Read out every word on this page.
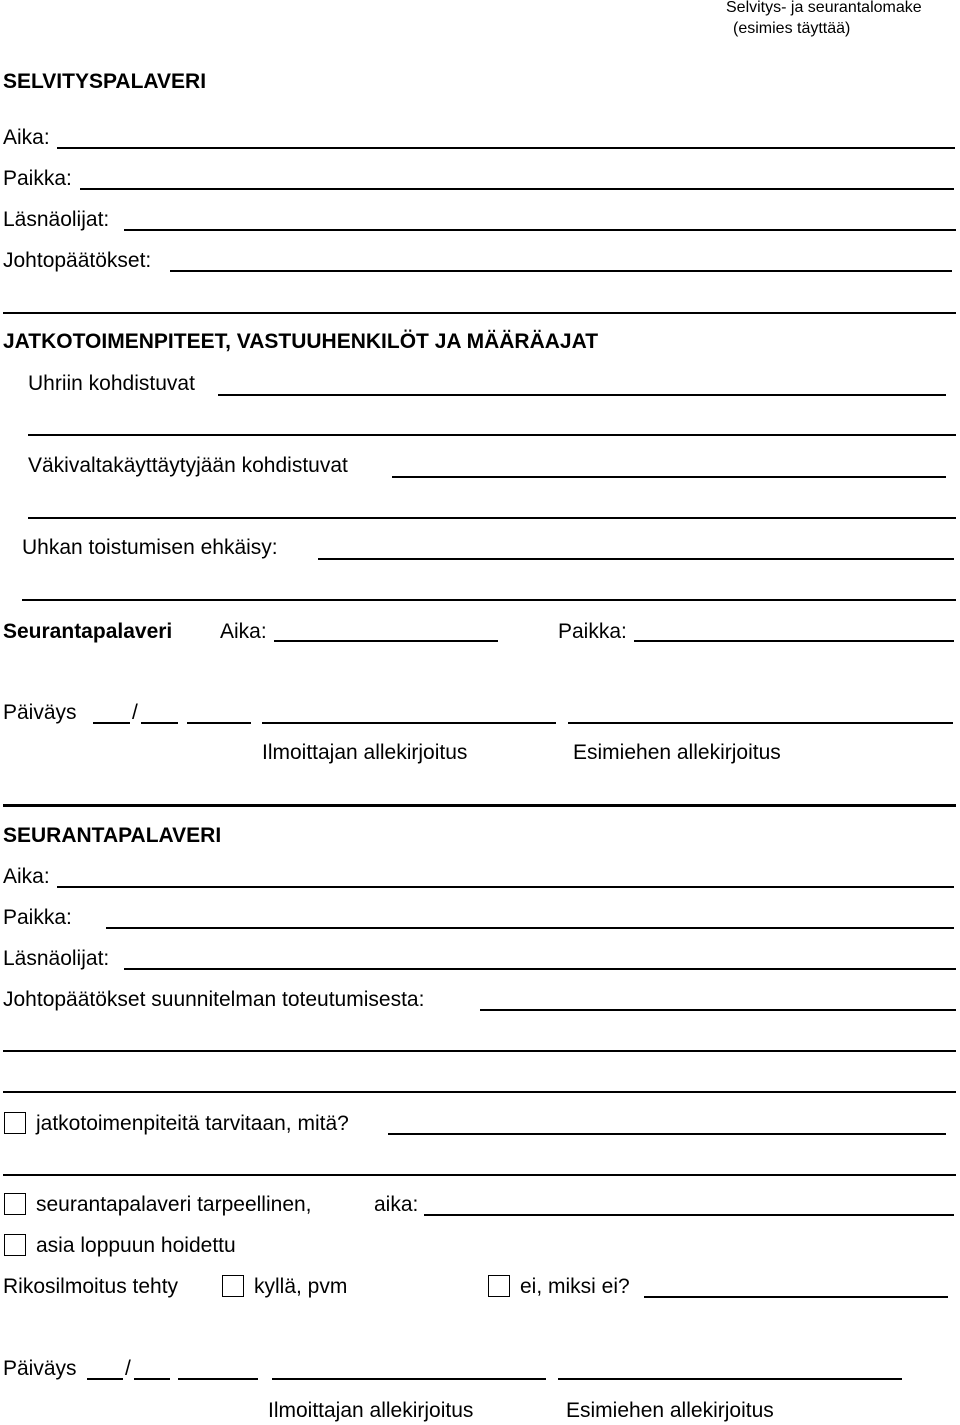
Selvitys- ja seurantalomake
(esimies täyttää)
SELVITYSPALAVERI
Aika:
Paikka:
Läsnäolijat:
Johtopäätökset:
JATKOTOIMENPITEET, VASTUUHENKILÖT JA MÄÄRÄAJAT
Uhriin kohdistuvat
Väkivaltakäyttäytyjään kohdistuvat
Uhkan toistumisen ehkäisy:
Seurantapalaveri Aika:	Paikka:
Päiväys	/
Ilmoittajan allekirjoitus	Esimiehen allekirjoitus
SEURANTAPALAVERI
Aika:
Paikka:
Läsnäolijat:
Johtopäätökset suunnitelman toteutumisesta:
jatkotoimenpiteitä tarvitaan, mitä?
seurantapalaveri tarpeellinen,	aika:
asia loppuun hoidettu
Rikosilmoitus tehty	kyllä, pvm	ei, miksi ei?
Päiväys /
Ilmoittajan allekirjoitus	Esimiehen allekirjoitus
